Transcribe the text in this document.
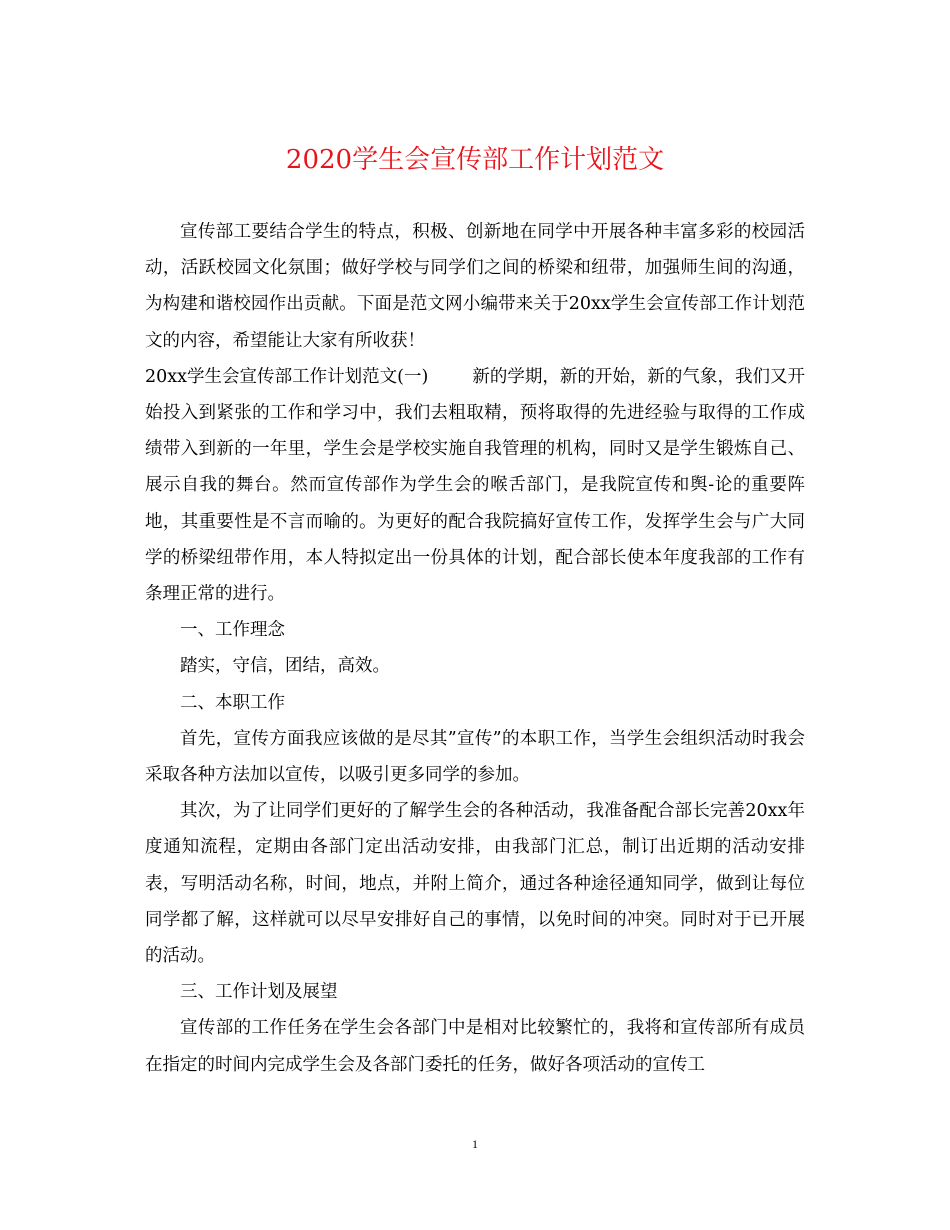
2020学生会宣传部工作计划范文

宣传部工要结合学生的特点，积极、创新地在同学中开展各种丰富多彩的校园活动，活跃校园文化氛围；做好学校与同学们之间的桥梁和纽带，加强师生间的沟通，为构建和谐校园作出贡献。下面是范文网小编带来关于20xx学生会宣传部工作计划范文的内容，希望能让大家有所收获！

20xx学生会宣传部工作计划范文(一)	新的学期，新的开始，新的气象，我们又开始投入到紧张的工作和学习中，我们去粗取精，预将取得的先进经验与取得的工作成绩带入到新的一年里，学生会是学校实施自我管理的机构，同时又是学生锻炼自己、展示自我的舞台。然而宣传部作为学生会的喉舌部门，是我院宣传和舆-论的重要阵地，其重要性是不言而喻的。为更好的配合我院搞好宣传工作，发挥学生会与广大同学的桥梁纽带作用，本人特拟定出一份具体的计划，配合部长使本年度我部的工作有条理正常的进行。

一、工作理念

踏实，守信，团结，高效。

二、本职工作

首先，宣传方面我应该做的是尽其”宣传”的本职工作，当学生会组织活动时我会采取各种方法加以宣传，以吸引更多同学的参加。

其次，为了让同学们更好的了解学生会的各种活动，我准备配合部长完善20xx年度通知流程，定期由各部门定出活动安排，由我部门汇总，制订出近期的活动安排表，写明活动名称，时间，地点，并附上简介，通过各种途径通知同学，做到让每位同学都了解，这样就可以尽早安排好自己的事情，以免时间的冲突。同时对于已开展的活动。

三、工作计划及展望

宣传部的工作任务在学生会各部门中是相对比较繁忙的，我将和宣传部所有成员在指定的时间内完成学生会及各部门委托的任务，做好各项活动的宣传工

1
